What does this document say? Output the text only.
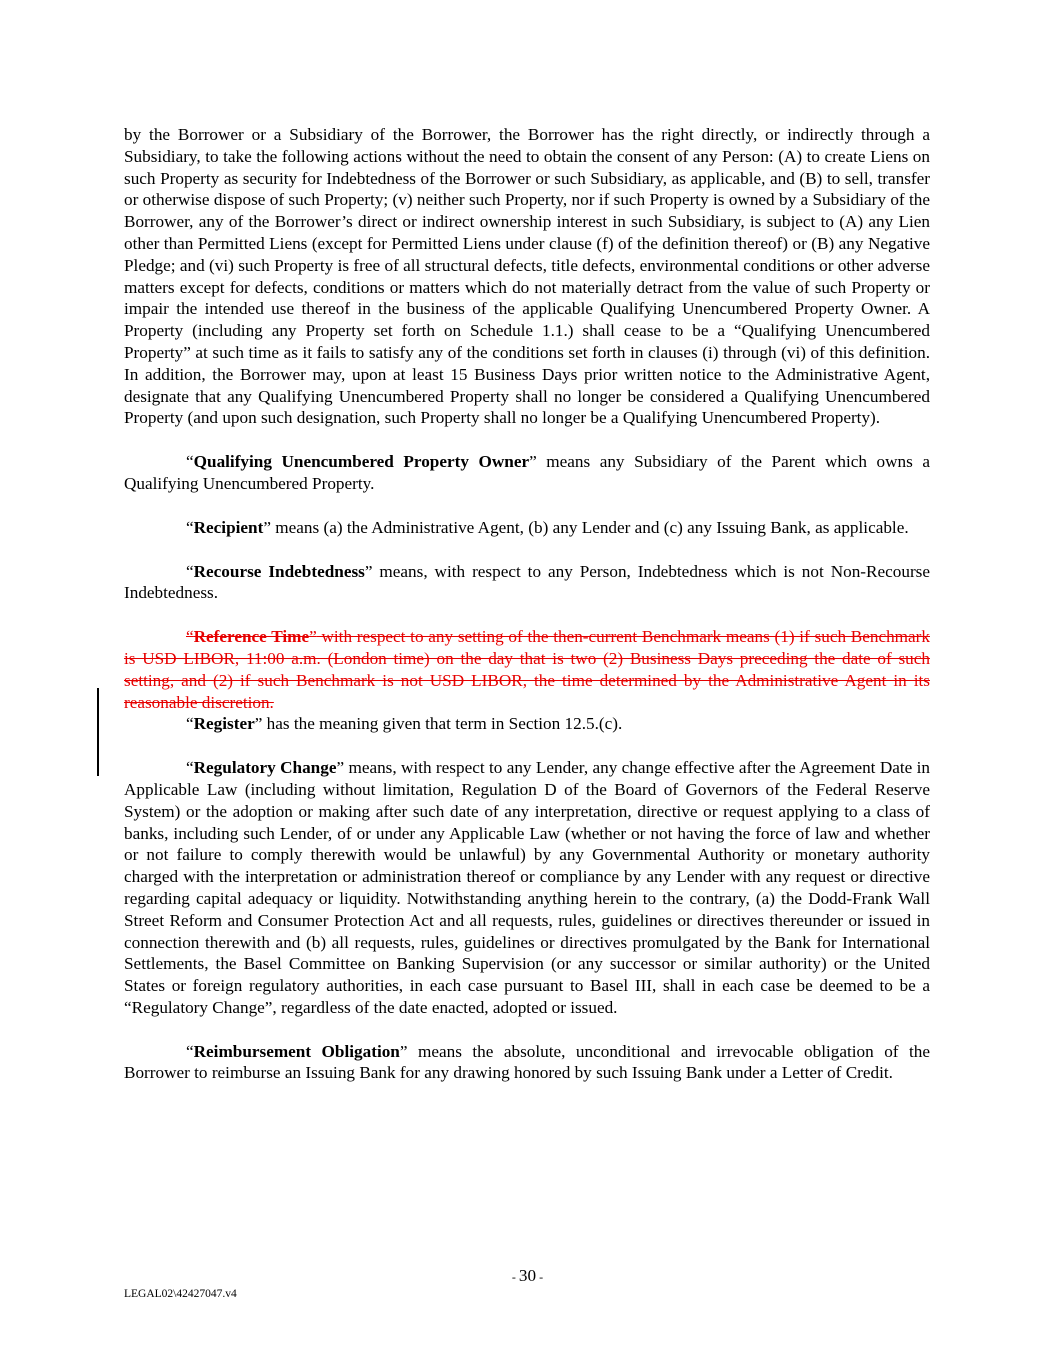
by the Borrower or a Subsidiary of the Borrower, the Borrower has the right directly, or indirectly through a Subsidiary, to take the following actions without the need to obtain the consent of any Person: (A) to create Liens on such Property as security for Indebtedness of the Borrower or such Subsidiary, as applicable, and (B) to sell, transfer or otherwise dispose of such Property; (v) neither such Property, nor if such Property is owned by a Subsidiary of the Borrower, any of the Borrower’s direct or indirect ownership interest in such Subsidiary, is subject to (A) any Lien other than Permitted Liens (except for Permitted Liens under clause (f) of the definition thereof) or (B) any Negative Pledge; and (vi) such Property is free of all structural defects, title defects, environmental conditions or other adverse matters except for defects, conditions or matters which do not materially detract from the value of such Property or impair the intended use thereof in the business of the applicable Qualifying Unencumbered Property Owner. A Property (including any Property set forth on Schedule 1.1.) shall cease to be a “Qualifying Unencumbered Property” at such time as it fails to satisfy any of the conditions set forth in clauses (i) through (vi) of this definition. In addition, the Borrower may, upon at least 15 Business Days prior written notice to the Administrative Agent, designate that any Qualifying Unencumbered Property shall no longer be considered a Qualifying Unencumbered Property (and upon such designation, such Property shall no longer be a Qualifying Unencumbered Property).

“Qualifying Unencumbered Property Owner” means any Subsidiary of the Parent which owns a Qualifying Unencumbered Property.

“Recipient” means (a) the Administrative Agent, (b) any Lender and (c) any Issuing Bank, as applicable.

“Recourse Indebtedness” means, with respect to any Person, Indebtedness which is not Non-Recourse Indebtedness.

“Reference Time” with respect to any setting of the then-current Benchmark means (1) if such Benchmark is USD LIBOR, 11:00 a.m. (London time) on the day that is two (2) Business Days preceding the date of such setting, and (2) if such Benchmark is not USD LIBOR, the time determined by the Administrative Agent in its reasonable discretion.

“Register” has the meaning given that term in Section 12.5.(c).

“Regulatory Change” means, with respect to any Lender, any change effective after the Agreement Date in Applicable Law (including without limitation, Regulation D of the Board of Governors of the Federal Reserve System) or the adoption or making after such date of any interpretation, directive or request applying to a class of banks, including such Lender, of or under any Applicable Law (whether or not having the force of law and whether or not failure to comply therewith would be unlawful) by any Governmental Authority or monetary authority charged with the interpretation or administration thereof or compliance by any Lender with any request or directive regarding capital adequacy or liquidity. Notwithstanding anything herein to the contrary, (a) the Dodd-Frank Wall Street Reform and Consumer Protection Act and all requests, rules, guidelines or directives thereunder or issued in connection therewith and (b) all requests, rules, guidelines or directives promulgated by the Bank for International Settlements, the Basel Committee on Banking Supervision (or any successor or similar authority) or the United States or foreign regulatory authorities, in each case pursuant to Basel III, shall in each case be deemed to be a “Regulatory Change”, regardless of the date enacted, adopted or issued.

“Reimbursement Obligation” means the absolute, unconditional and irrevocable obligation of the Borrower to reimburse an Issuing Bank for any drawing honored by such Issuing Bank under a Letter of Credit.

- 30 -
LEGAL02\42427047.v4
